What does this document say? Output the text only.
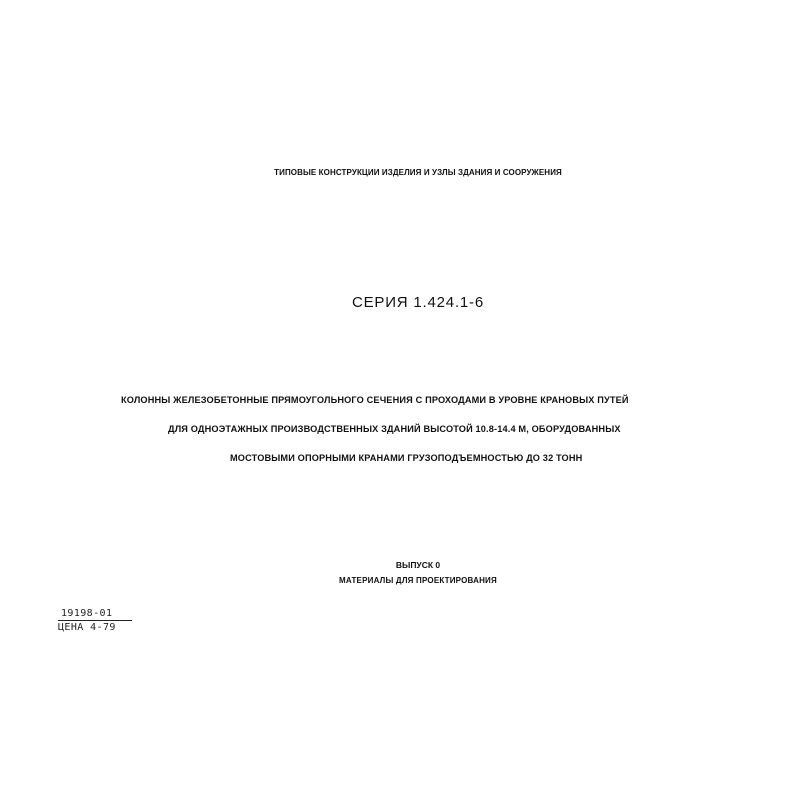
ТИПОВЫЕ КОНСТРУКЦИИ ИЗДЕЛИЯ И УЗЛЫ ЗДАНИЯ И СООРУЖЕНИЯ
СЕРИЯ 1.424.1-6
КОЛОННЫ ЖЕЛЕЗОБЕТОННЫЕ ПРЯМОУГОЛЬНОГО СЕЧЕНИЯ С ПРОХОДАМИ В УРОВНЕ КРАНОВЫХ ПУТЕЙ
ДЛЯ ОДНОЭТАЖНЫХ ПРОИЗВОДСТВЕННЫХ ЗДАНИЙ ВЫСОТОЙ 10.8-14.4 М, ОБОРУДОВАННЫХ
МОСТОВЫМИ ОПОРНЫМИ КРАНАМИ ГРУЗОПОДЪЕМНОСТЬЮ ДО 32 ТОНН
ВЫПУСК 0
МАТЕРИАЛЫ ДЛЯ ПРОЕКТИРОВАНИЯ
19198-01
ЦЕНА 4-79
